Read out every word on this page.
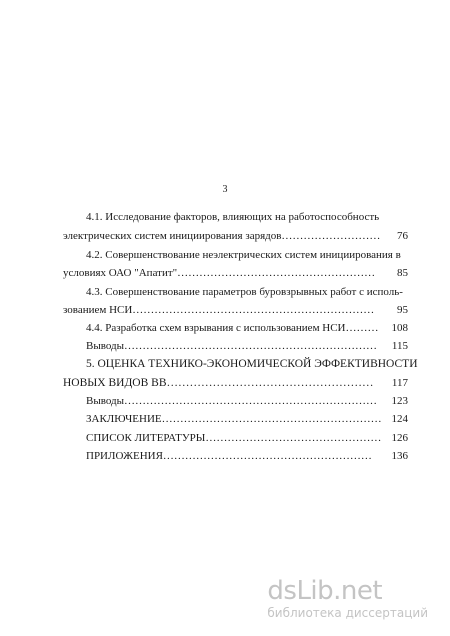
3
4.1. Исследование факторов, влияющих на работоспособность
электрических систем инициирования зарядов……………………… 76
4.2. Совершенствование неэлектрических систем инициирования в
условиях ОАО "Апатит"……………………………………………… 85
4.3. Совершенствование параметров буровзрывных работ с исполь-
зованием НСИ………………………………………………………… 95
4.4. Разработка схем взрывания с использованием НСИ……… 108
Выводы…………………………………………………………… 115
5. ОЦЕНКА ТЕХНИКО-ЭКОНОМИЧЕСКОЙ ЭФФЕКТИВНОСТИ
НОВЫХ ВИДОВ ВВ……………………………………………… 117
Выводы…………………………………………………………… 123
ЗАКЛЮЧЕНИЕ…………………………………………………… 124
СПИСОК ЛИТЕРАТУРЫ………………………………………… 126
ПРИЛОЖЕНИЯ………………………………………………… 136
dsLib.net
библиотека диссертаций
